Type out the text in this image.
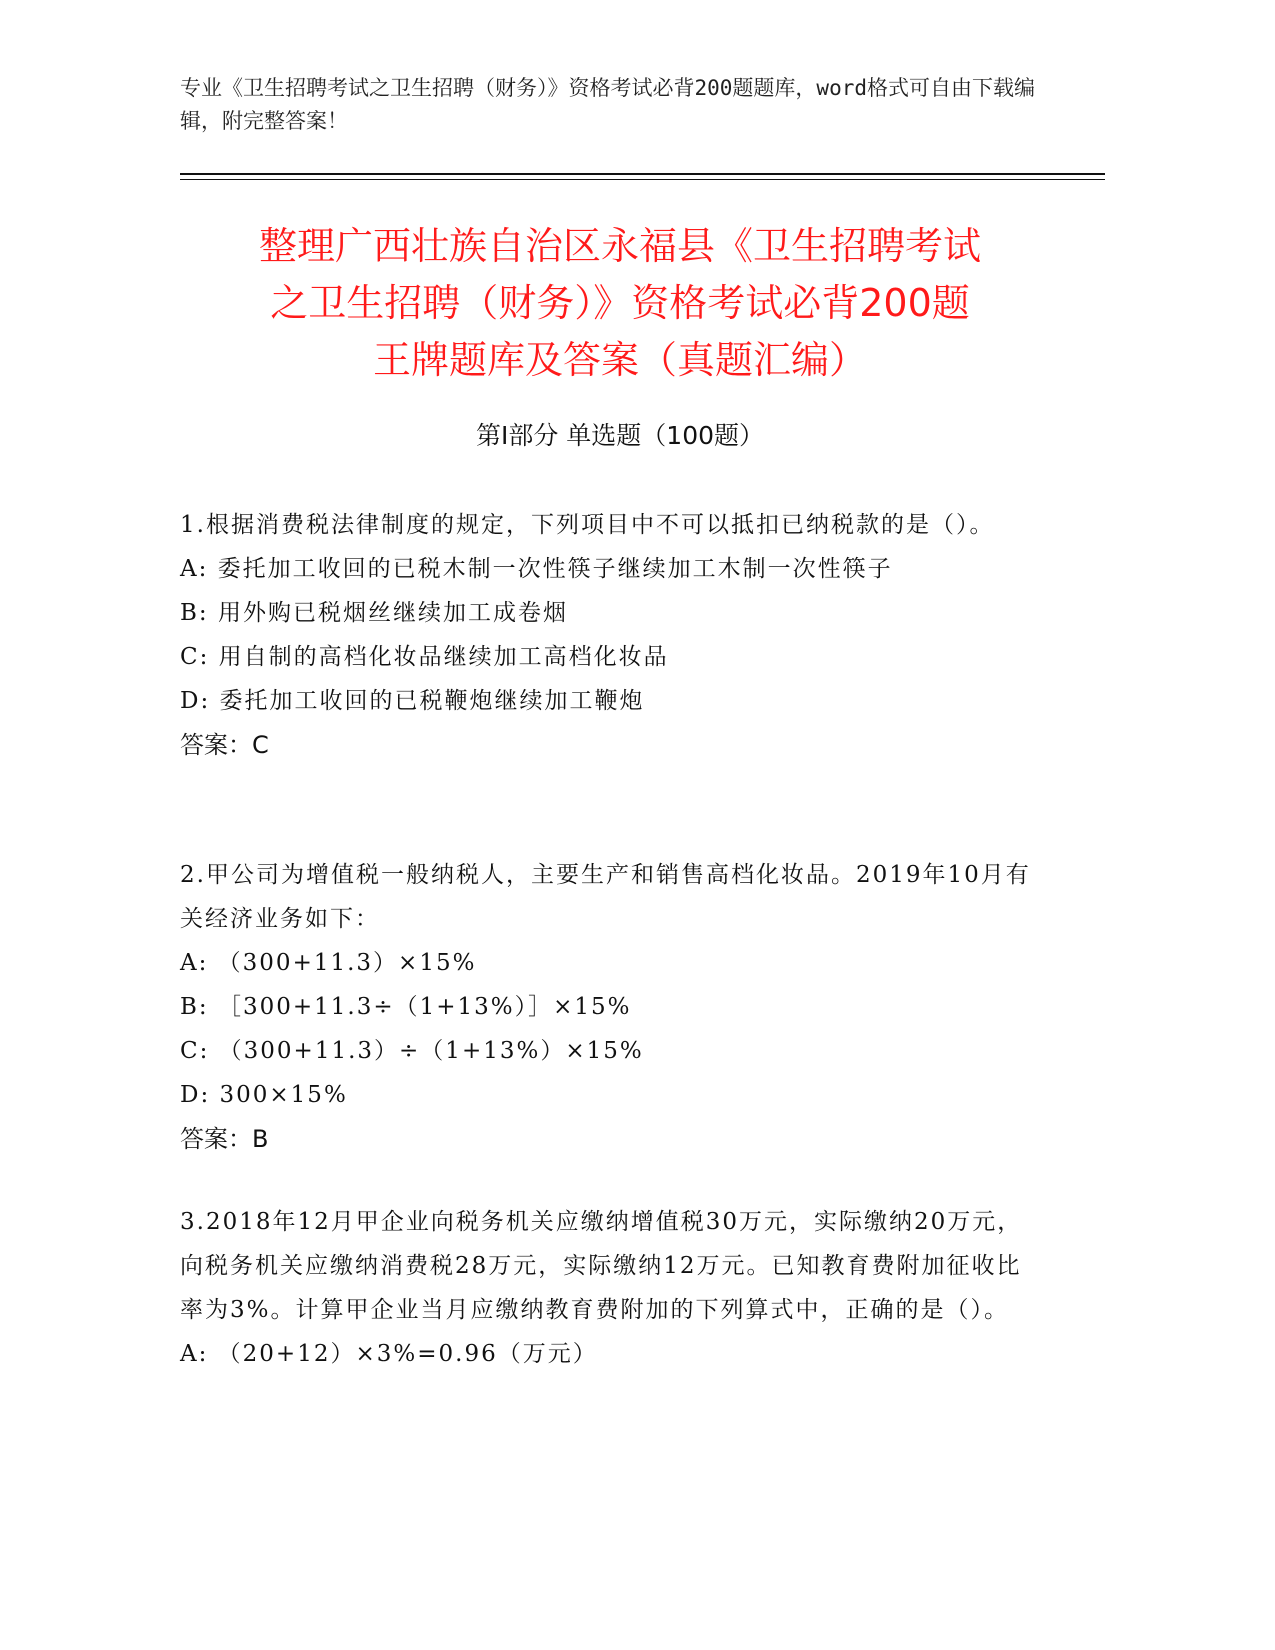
专业《卫生招聘考试之卫生招聘（财务）》资格考试必背200题题库，word格式可自由下载编辑，附完整答案！
整理广西壮族自治区永福县《卫生招聘考试
之卫生招聘（财务）》资格考试必背200题
王牌题库及答案（真题汇编）
第Ⅰ部分 单选题（100题）

1.根据消费税法律制度的规定，下列项目中不可以抵扣已纳税款的是（）。

A: 委托加工收回的已税木制一次性筷子继续加工木制一次性筷子

B: 用外购已税烟丝继续加工成卷烟

C: 用自制的高档化妆品继续加工高档化妆品

D: 委托加工收回的已税鞭炮继续加工鞭炮

答案：C

2.甲公司为增值税一般纳税人，主要生产和销售高档化妆品。2019年10月有关经济业务如下：

A: （300+11.3）×15%

B: ［300+11.3÷（1+13%）］×15%

C: （300+11.3）÷（1+13%）×15%

D: 300×15%

答案：B

3.2018年12月甲企业向税务机关应缴纳增值税30万元，实际缴纳20万元，向税务机关应缴纳消费税28万元，实际缴纳12万元。已知教育费附加征收比率为3%。计算甲企业当月应缴纳教育费附加的下列算式中，正确的是（）。

A: （20+12）×3%=0.96（万元）
